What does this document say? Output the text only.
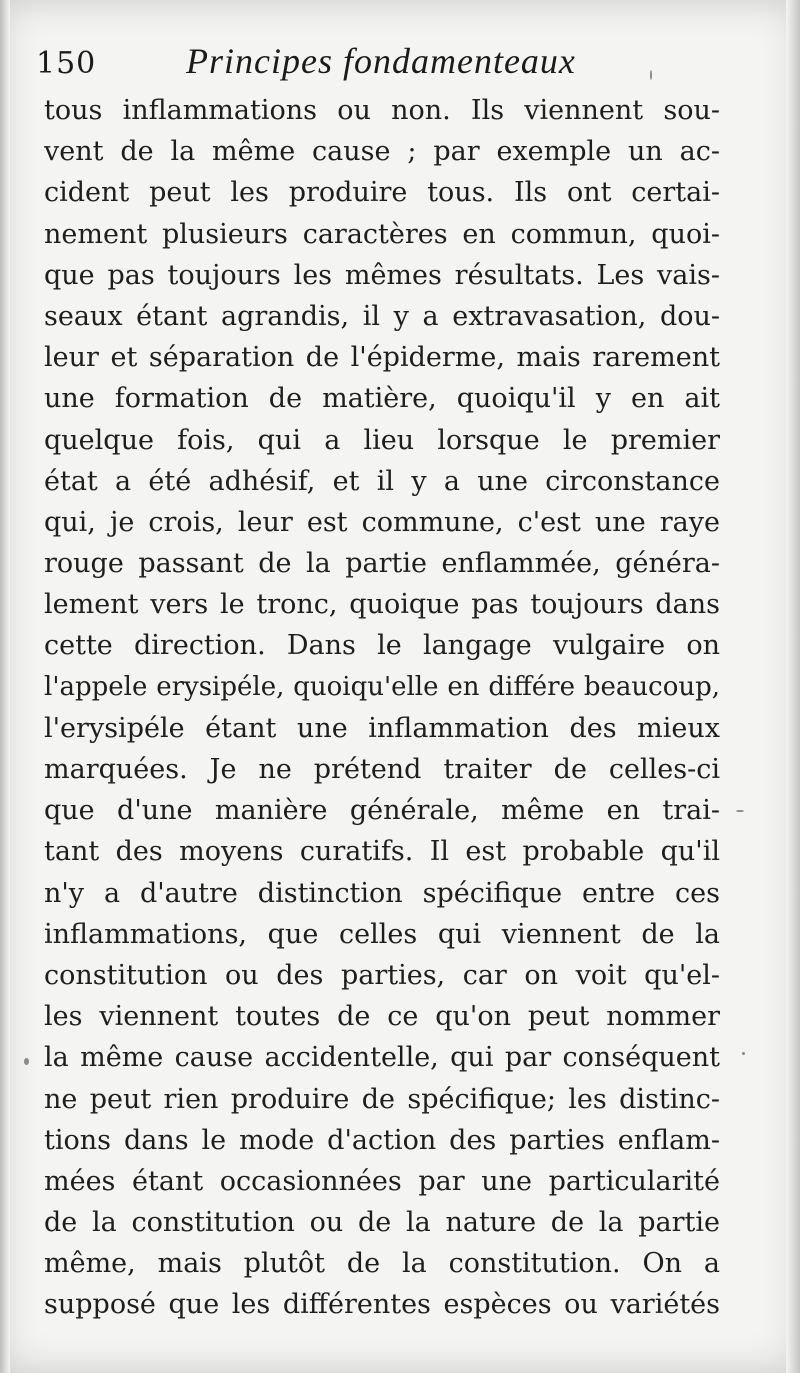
150 Principes fondamenteaux
tous inflammations ou non. Ils viennent sou-
vent de la même cause ; par exemple un ac-
cident peut les produire tous. Ils ont certai-
nement plusieurs caractères en commun, quoi-
que pas toujours les mêmes résultats. Les vais-
seaux étant agrandis, il y a extravasation, dou-
leur et séparation de l'épiderme, mais rarement
une formation de matière, quoiqu'il y en ait
quelque fois, qui a lieu lorsque le premier
état a été adhésif, et il y a une circonstance
qui, je crois, leur est commune, c'est une raye
rouge passant de la partie enflammée, généra-
lement vers le tronc, quoique pas toujours dans
cette direction. Dans le langage vulgaire on
l'appele erysipéle, quoiqu'elle en différe beaucoup,
l'erysipéle étant une inflammation des mieux
marquées. Je ne prétend traiter de celles-ci
que d'une manière générale, même en trai-
tant des moyens curatifs. Il est probable qu'il
n'y a d'autre distinction spécifique entre ces
inflammations, que celles qui viennent de la
constitution ou des parties, car on voit qu'el-
les viennent toutes de ce qu'on peut nommer
la même cause accidentelle, qui par conséquent
ne peut rien produire de spécifique; les distinc-
tions dans le mode d'action des parties enflam-
mées étant occasionnées par une particularité
de la constitution ou de la nature de la partie
même, mais plutôt de la constitution. On a
supposé que les différentes espèces ou variétés
